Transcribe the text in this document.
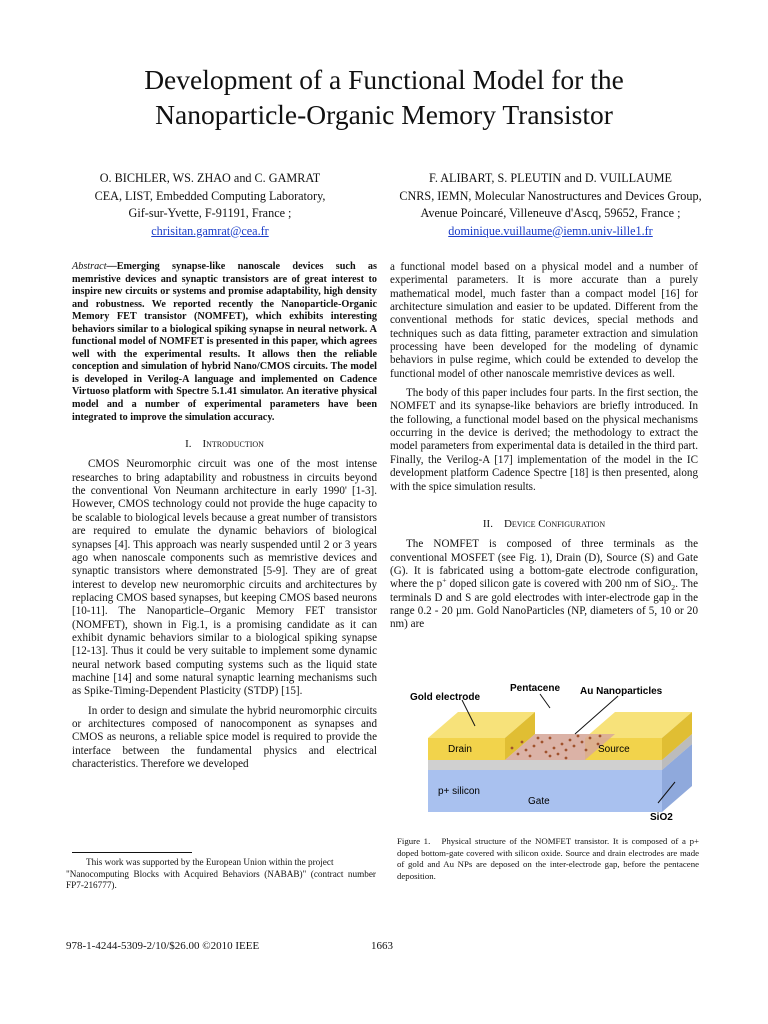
Development of a Functional Model for the
Nanoparticle-Organic Memory Transistor
O. BICHLER, WS. ZHAO and C. GAMRAT
CEA, LIST, Embedded Computing Laboratory,
Gif-sur-Yvette, F-91191, France ;
chrisitan.gamrat@cea.fr
F. ALIBART, S. PLEUTIN and D. VUILLAUME
CNRS, IEMN, Molecular Nanostructures and Devices Group,
Avenue Poincaré, Villeneuve d'Ascq, 59652, France ;
dominique.vuillaume@iemn.univ-lille1.fr

Abstract—Emerging synapse-like nanoscale devices such as memristive devices and synaptic transistors are of great interest to inspire new circuits or systems and promise adaptability, high density and robustness. We reported recently the Nanoparticle-Organic Memory FET transistor (NOMFET), which exhibits interesting behaviors similar to a biological spiking synapse in neural network. A functional model of NOMFET is presented in this paper, which agrees well with the experimental results. It allows then the reliable conception and simulation of hybrid Nano/CMOS circuits. The model is developed in Verilog-A language and implemented on Cadence Virtuoso platform with Spectre 5.1.41 simulator. An iterative physical model and a number of experimental parameters have been integrated to improve the simulation accuracy.

I. Introduction

CMOS Neuromorphic circuit was one of the most intense researches to bring adaptability and robustness in circuits beyond the conventional Von Neumann architecture in early 1990' [1-3]. However, CMOS technology could not provide the huge capacity to be scalable to biological levels because a great number of transistors are required to emulate the dynamic behaviors of biological synapses [4]. This approach was nearly suspended until 2 or 3 years ago when nanoscale components such as memristive devices and synaptic transistors where demonstrated [5-9]. They are of great interest to develop new neuromorphic circuits and architectures by replacing CMOS based synapses, but keeping CMOS based neurons [10-11]. The Nanoparticle–Organic Memory FET transistor (NOMFET), shown in Fig.1, is a promising candidate as it can exhibit dynamic behaviors similar to a biological spiking synapse [12-13]. Thus it could be very suitable to implement some dynamic neural network based computing systems such as the liquid state machine [14] and some natural synaptic learning mechanisms such as Spike-Timing-Dependent Plasticity (STDP) [15].

In order to design and simulate the hybrid neuromorphic circuits or architectures composed of nanocomponent as synapses and CMOS as neurons, a reliable spice model is required to provide the interface between the fundamental physics and electrical characteristics. Therefore we developed

a functional model based on a physical model and a number of experimental parameters. It is more accurate than a purely mathematical model, much faster than a compact model [16] for architecture simulation and easier to be updated. Different from the conventional methods for static devices, special methods and techniques such as data fitting, parameter extraction and simulation processing have been developed for the modeling of dynamic behaviors in pulse regime, which could be extended to develop the functional model of other nanoscale memristive devices as well.

The body of this paper includes four parts. In the first section, the NOMFET and its synapse-like behaviors are briefly introduced. In the following, a functional model based on the physical mechanisms occurring in the device is derived; the methodology to extract the model parameters from experimental data is detailed in the third part. Finally, the Verilog-A [17] implementation of the model in the IC development platform Cadence Spectre [18] is then presented, along with the spice simulation results.

II. Device Configuration

The NOMFET is composed of three terminals as the conventional MOSFET (see Fig. 1), Drain (D), Source (S) and Gate (G). It is fabricated using a bottom-gate electrode configuration, where the p+ doped silicon gate is covered with 200 nm of SiO$_2$. The terminals D and S are gold electrodes with inter-electrode gap in the range 0.2 - 20 µm. Gold NanoParticles (NP, diameters of 5, 10 or 20 nm) are

Gold electrode
Pentacene Au Nanoparticles
Drain	Source
p+ silicon
Gate
SiO2
Figure 1. Physical structure of the NOMFET transistor. It is composed of a p+ doped bottom-gate covered with silicon oxide. Source and drain electrodes are made of gold and Au NPs are deposed on the inter-electrode gap, before the pentacene deposition.
This work was supported by the European Union within the project
"Nanocomputing Blocks with Acquired Behaviors (NABAB)" (contract number FP7-216777).
978-1-4244-5309-2/10/$26.00 ©2010 IEEE	1663
